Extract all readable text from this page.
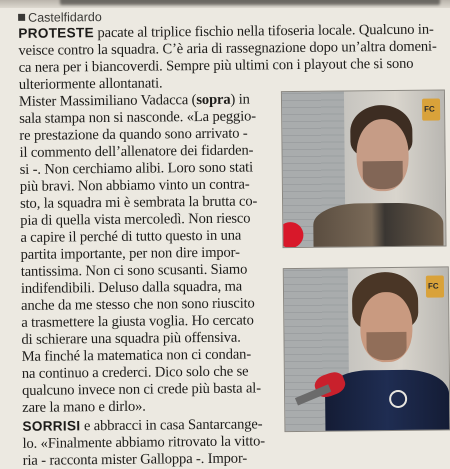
Castelfidardo
PROTESTE pacate al triplice fischio nella tifoseria locale. Qualcuno in-
veisce contro la squadra. C’è aria di rassegnazione dopo un’altra domeni-
ca nera per i biancoverdi. Sempre più ultimi con i playout che si sono
ulteriormente allontanati.
Mister Massimiliano Vadacca (sopra) in
sala stampa non si nasconde. «La peggio-
re prestazione da quando sono arrivato -
il commento dell’allenatore dei fidarden-
si -. Non cerchiamo alibi. Loro sono stati
più bravi. Non abbiamo vinto un contra-
sto, la squadra mi è sembrata la brutta co-
pia di quella vista mercoledì. Non riesco
a capire il perché di tutto questo in una
partita importante, per non dire impor-
tantissima. Non ci sono scusanti. Siamo
indifendibili. Deluso dalla squadra, ma
anche da me stesso che non sono riuscito
a trasmettere la giusta voglia. Ho cercato
di schierare una squadra più offensiva.
Ma finché la matematica non ci condan-
na continuo a crederci. Dico solo che se
qualcuno invece non ci crede più basta al-
zare la mano e dirlo».
SORRISI e abbracci in casa Santarcange-
lo. «Finalmente abbiamo ritrovato la vitto-
ria - racconta mister Galloppa -. Impor-
FC
FC
